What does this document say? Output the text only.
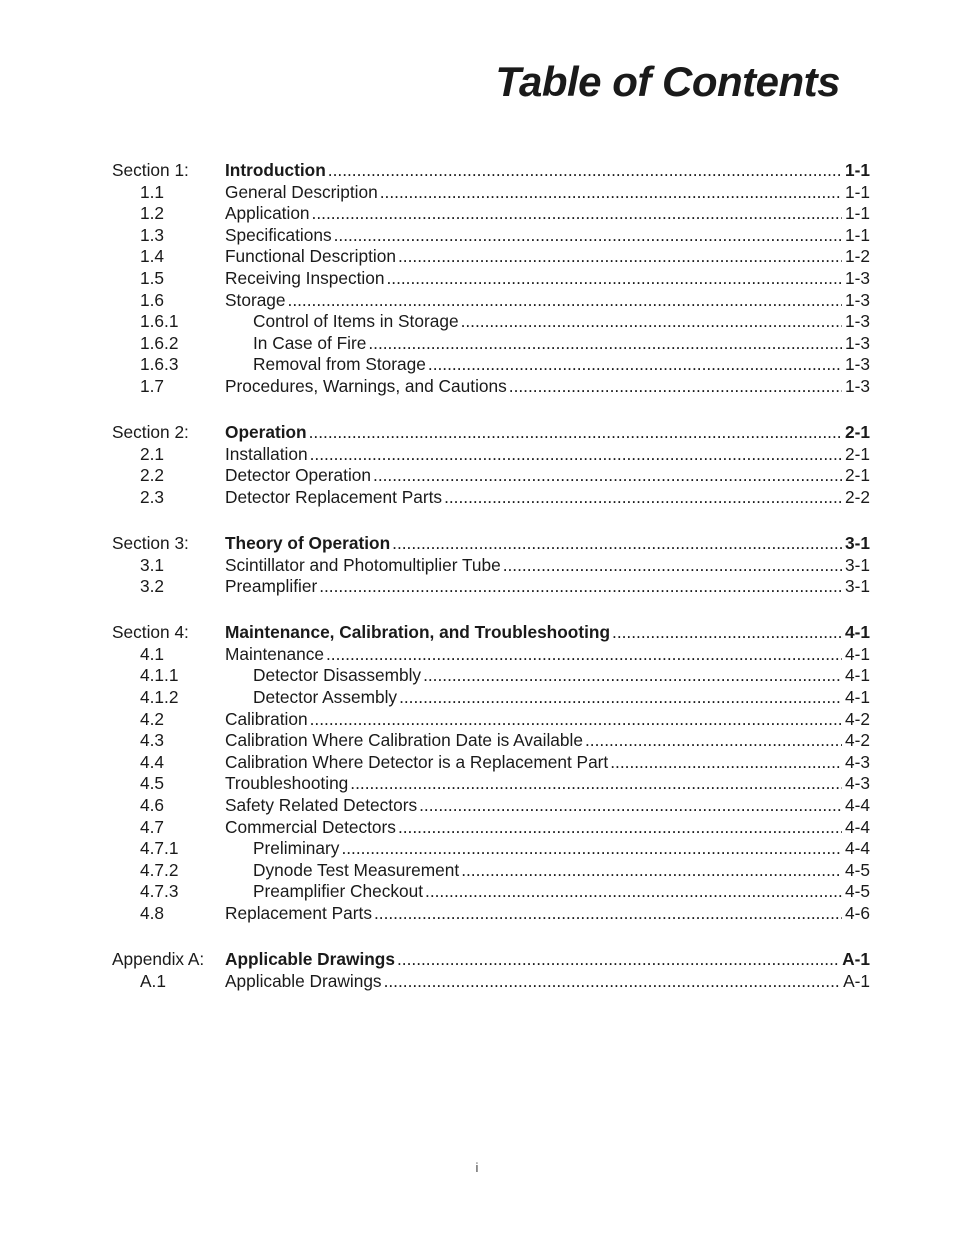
Table of Contents
Section 1:	Introduction .....	1-1
1.1	General Description .....	1-1
1.2	Application .....	1-1
1.3	Specifications .....	1-1
1.4	Functional Description .....	1-2
1.5	Receiving Inspection .....	1-3
1.6	Storage .....	1-3
1.6.1	Control of Items in Storage .....	1-3
1.6.2	In Case of Fire .....	1-3
1.6.3	Removal from Storage .....	1-3
1.7	Procedures, Warnings, and Cautions .....	1-3
Section 2:	Operation .....	2-1
2.1	Installation .....	2-1
2.2	Detector Operation .....	2-1
2.3	Detector Replacement Parts .....	2-2
Section 3:	Theory of Operation .....	3-1
3.1	Scintillator and Photomultiplier Tube .....	3-1
3.2	Preamplifier .....	3-1
Section 4:	Maintenance, Calibration, and Troubleshooting .....	4-1
4.1	Maintenance .....	4-1
4.1.1	Detector Disassembly .....	4-1
4.1.2	Detector Assembly .....	4-1
4.2	Calibration .....	4-2
4.3	Calibration Where Calibration Date is Available .....	4-2
4.4	Calibration Where Detector is a Replacement Part .....	4-3
4.5	Troubleshooting .....	4-3
4.6	Safety Related Detectors .....	4-4
4.7	Commercial Detectors .....	4-4
4.7.1	Preliminary .....	4-4
4.7.2	Dynode Test Measurement .....	4-5
4.7.3	Preamplifier Checkout .....	4-5
4.8	Replacement Parts .....	4-6
Appendix A:	Applicable Drawings .....	A-1
A.1	Applicable Drawings .....	A-1
i
